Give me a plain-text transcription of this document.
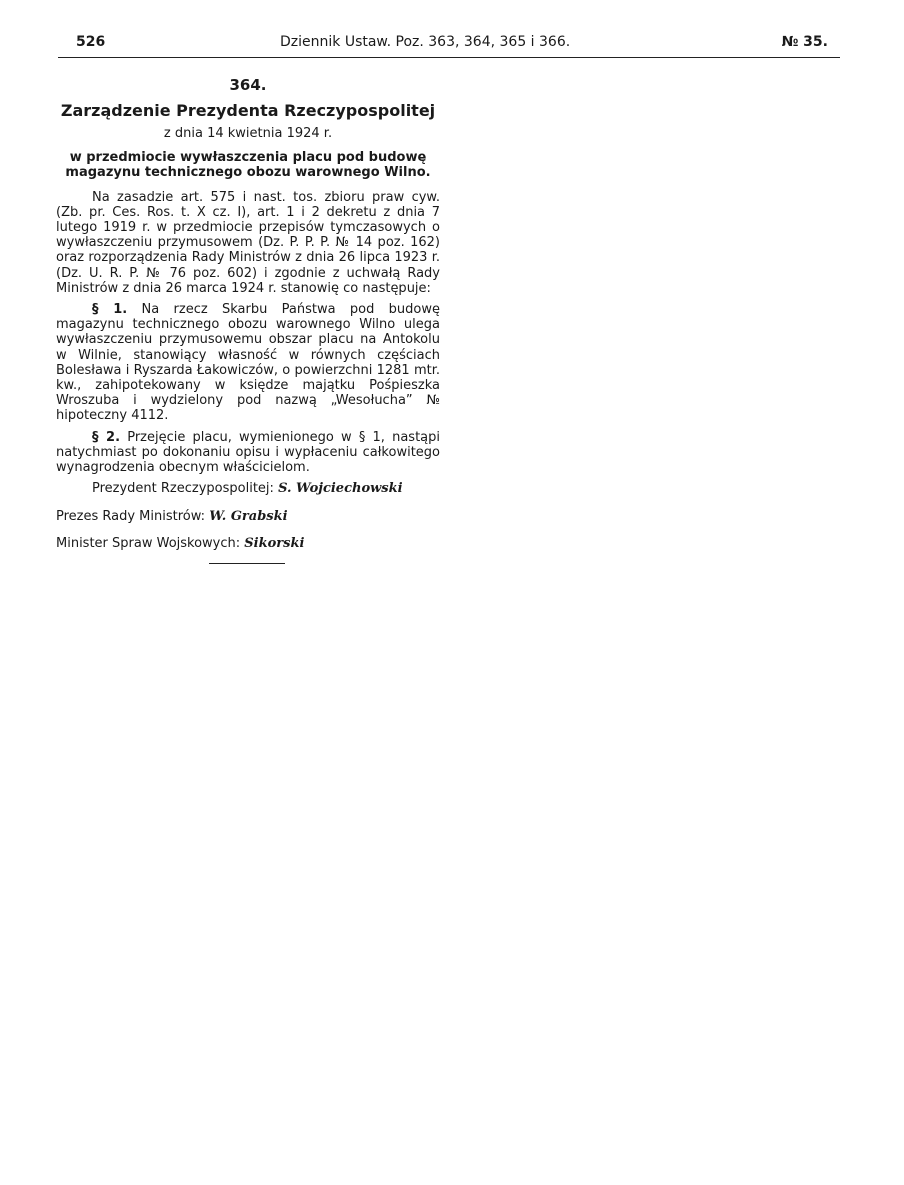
526	Dziennik Ustaw. Poz. 363, 364, 365 i 366.	№ 35.
364.
Zarządzenie Prezydenta Rzeczypospolitej
z dnia 14 kwietnia 1924 r.
w przedmiocie wywłaszczenia placu pod budowę magazynu technicznego obozu warownego Wilno.

Na zasadzie art. 575 i nast. tos. zbioru praw cyw. (Zb. pr. Ces. Ros. t. X cz. I), art. 1 i 2 dekretu z dnia 7 lutego 1919 r. w przedmiocie przepisów tymczasowych o wywłaszczeniu przymusowem (Dz. P. P. P. № 14 poz. 162) oraz rozporządzenia Rady Ministrów z dnia 26 lipca 1923 r. (Dz. U. R. P. № 76 poz. 602) i zgodnie z uchwałą Rady Ministrów z dnia 26 marca 1924 r. stanowię co następuje:

§ 1. Na rzecz Skarbu Państwa pod budowę magazynu technicznego obozu warownego Wilno ulega wywłaszczeniu przymusowemu obszar placu na Antokolu w Wilnie, stanowiący własność w równych częściach Bolesława i Ryszarda Łakowiczów, o powierzchni 1281 mtr. kw., zahipotekowany w księdze majątku Pośpieszka Wroszuba i wydzielony pod nazwą „Wesołucha” № hipoteczny 4112.

§ 2. Przejęcie placu, wymienionego w § 1, nastąpi natychmiast po dokonaniu opisu i wypłaceniu całkowitego wynagrodzenia obecnym właścicielom.

Prezydent Rzeczypospolitej: S. Wojciechowski
Prezes Rady Ministrów: W. Grabski
Minister Spraw Wojskowych: Sikorski
